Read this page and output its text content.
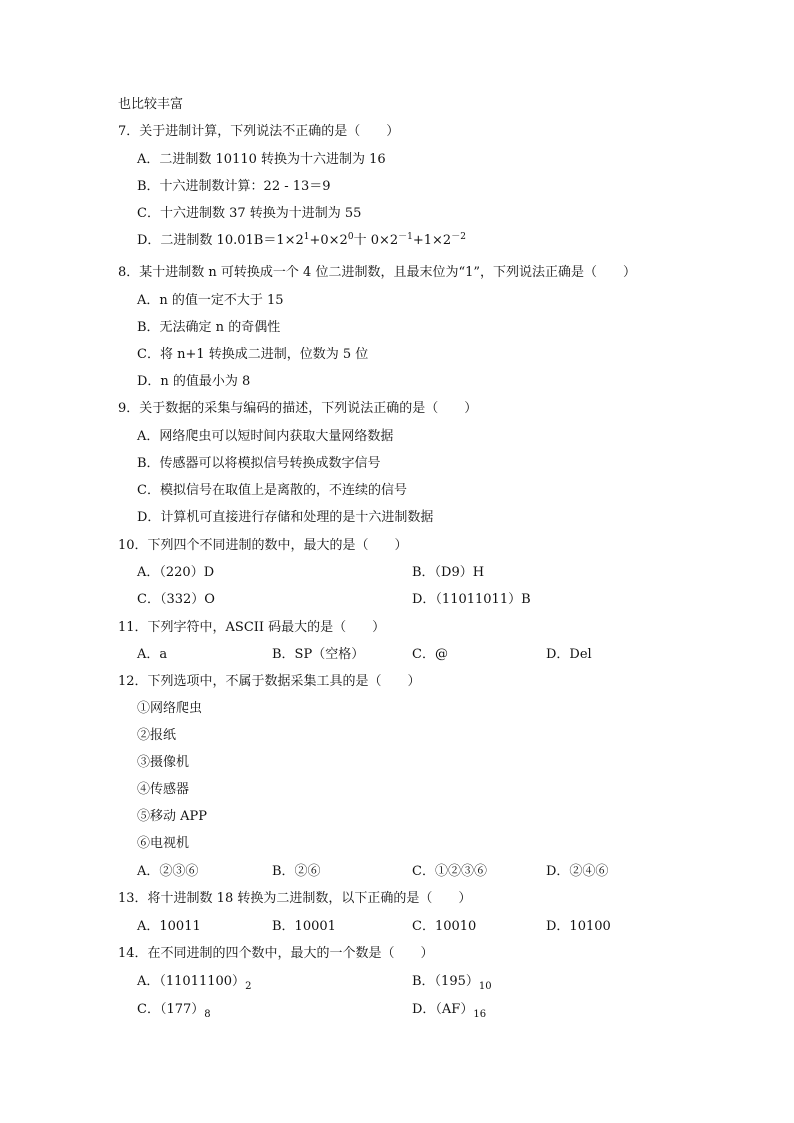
也比较丰富
7．关于进制计算，下列说法不正确的是（　　）
A．二进制数 10110 转换为十六进制为 16
B．十六进制数计算：22 - 13＝9
C．十六进制数 37 转换为十进制为 55
D．二进制数 $10.01B=1\times 2^1+0\times 2^0$十 $0\times 2^{-1}+1\times 2^{-2}$
8．某十进制数 n 可转换成一个 4 位二进制数，且最末位为“1”，下列说法正确是（　　）
A．n 的值一定不大于 15
B．无法确定 n 的奇偶性
C．将 n+1 转换成二进制，位数为 5 位
D．n 的值最小为 8
9．关于数据的采集与编码的描述，下列说法正确的是（　　）
A．网络爬虫可以短时间内获取大量网络数据
B．传感器可以将模拟信号转换成数字信号
C．模拟信号在取值上是离散的，不连续的信号
D．计算机可直接进行存储和处理的是十六进制数据
10．下列四个不同进制的数中，最大的是（　　）
A．（220）D	B．（D9）H
C．（332）O	D．（11011011）B
11．下列字符中，ASCII 码最大的是（　　）
A．a	B．SP（空格）	C．@	D．Del
12．下列选项中，不属于数据采集工具的是（　　）
①网络爬虫
②报纸
③摄像机
④传感器
⑤移动 APP
⑥电视机
A．②③⑥	B．②⑥	C．①②③⑥	D．②④⑥
13．将十进制数 18 转换为二进制数，以下正确的是（　　）
A．10011	B．10001	C．10010	D．10100
14．在不同进制的四个数中，最大的一个数是（　　）
A．$(11011100)_2$	B．$(195)_{10}$
C．$(177)_8$	D．$(AF)_{16}$
